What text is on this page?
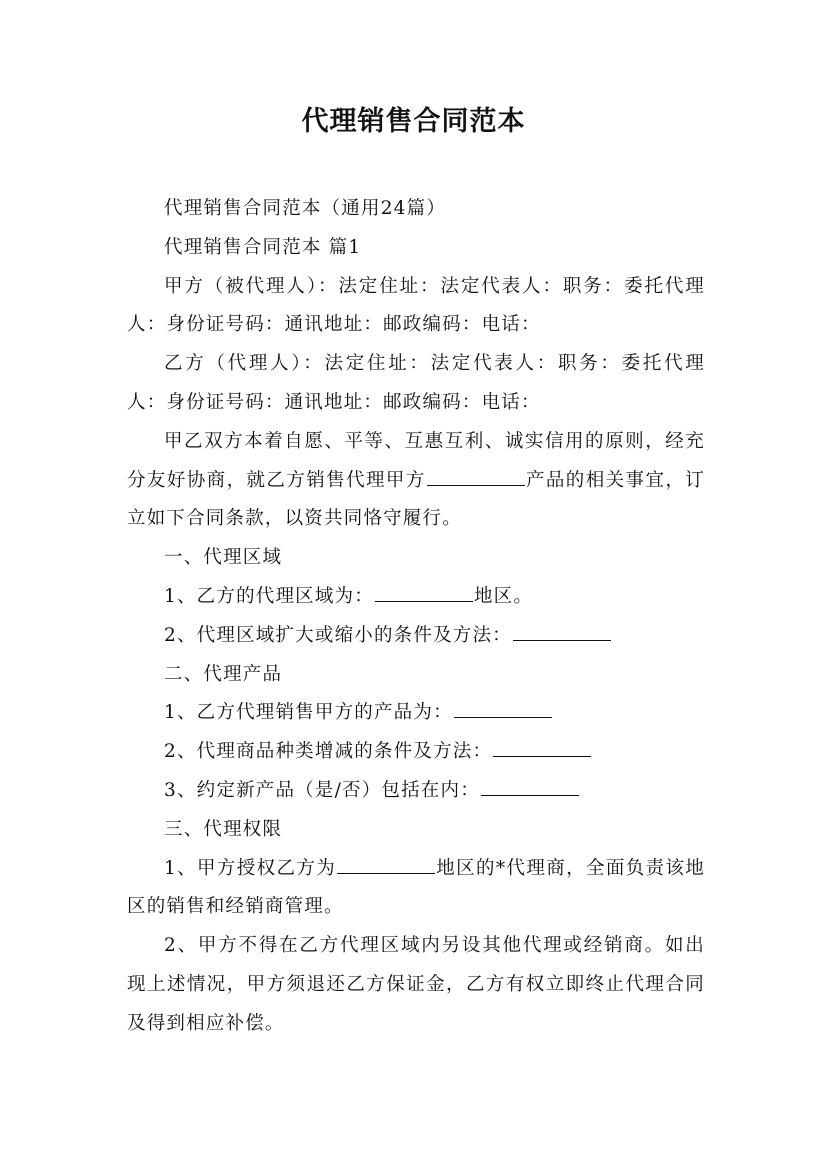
代理销售合同范本

代理销售合同范本（通用24篇）

代理销售合同范本 篇1

甲方（被代理人）：法定住址：法定代表人：职务：委托代理人：身份证号码：通讯地址：邮政编码：电话：

乙方（代理人）：法定住址：法定代表人：职务：委托代理人：身份证号码：通讯地址：邮政编码：电话：

甲乙双方本着自愿、平等、互惠互利、诚实信用的原则，经充分友好协商，就乙方销售代理甲方	产品的相关事宜，订立如下合同条款，以资共同恪守履行。

一、代理区域

1、乙方的代理区域为：	地区。

2、代理区域扩大或缩小的条件及方法：

二、代理产品

1、乙方代理销售甲方的产品为：

2、代理商品种类增减的条件及方法：

3、约定新产品（是/否）包括在内：

三、代理权限

1、甲方授权乙方为	地区的*代理商，全面负责该地区的销售和经销商管理。

2、甲方不得在乙方代理区域内另设其他代理或经销商。如出现上述情况，甲方须退还乙方保证金，乙方有权立即终止代理合同及得到相应补偿。
